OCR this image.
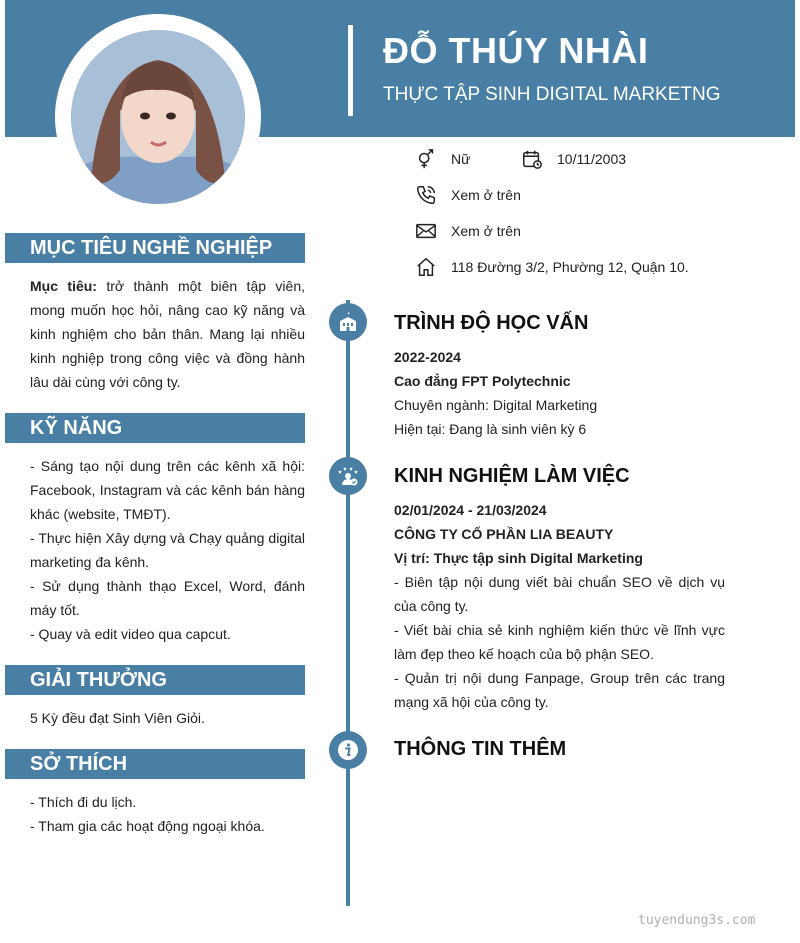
ĐỖ THÚY NHÀI
THỰC TẬP SINH DIGITAL MARKETNG
Nữ	10/11/2003
Xem ở trên
Xem ở trên
118 Đường 3/2, Phường 12, Quận 10.
MỤC TIÊU NGHỀ NGHIỆP

Mục tiêu: trở thành một biên tập viên, mong muốn học hỏi, nâng cao kỹ năng và kinh nghiệm cho bản thân. Mang lại nhiều kinh nghiệp trong công việc và đồng hành lâu dài cùng với công ty.

KỸ NĂNG

- Sáng tạo nội dung trên các kênh xã hội: Facebook, Instagram và các kênh bán hàng khác (website, TMĐT).

- Thực hiện Xây dựng và Chạy quảng digital marketing đa kênh.

- Sử dụng thành thạo Excel, Word, đánh máy tốt.

- Quay và edit video qua capcut.

GIẢI THƯỞNG

5 Kỳ đều đạt Sinh Viên Giỏi.

SỞ THÍCH

- Thích đi du lịch.

- Tham gia các hoạt động ngoại khóa.

TRÌNH ĐỘ HỌC VẤN

2022-2024

Cao đẳng FPT Polytechnic

Chuyên ngành: Digital Marketing

Hiện tại: Đang là sinh viên kỳ 6

KINH NGHIỆM LÀM VIỆC

02/01/2024 - 21/03/2024

CÔNG TY CỔ PHẦN LIA BEAUTY

Vị trí: Thực tập sinh Digital Marketing

- Biên tập nội dung viết bài chuẩn SEO về dịch vụ của công ty.

- Viết bài chia sẻ kinh nghiệm kiến thức về lĩnh vực làm đẹp theo kế hoạch của bộ phận SEO.

- Quản trị nội dung Fanpage, Group trên các trang mạng xã hội của công ty.

THÔNG TIN THÊM
tuyendung3s.com
